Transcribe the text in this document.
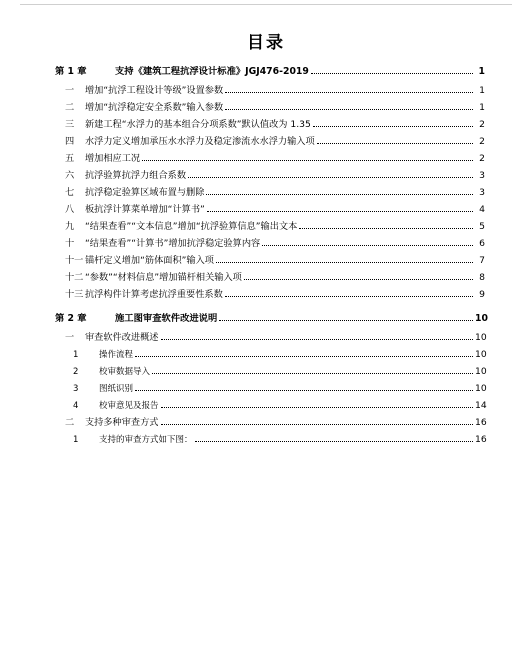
目录
第 1 章	支持《建筑工程抗浮设计标准》JGJ476-2019	1
一	增加“抗浮工程设计等级”设置参数	1
二	增加“抗浮稳定安全系数”输入参数	1
三	新建工程“水浮力的基本组合分项系数”默认值改为 1.35	2
四	水浮力定义增加承压水水浮力及稳定渗流水水浮力输入项	2
五	增加相应工况	2
六	抗浮验算抗浮力组合系数	3
七	抗浮稳定验算区域布置与删除	3
八	板抗浮计算菜单增加“计算书”	4
九	“结果查看”“文本信息”增加“抗浮验算信息”输出文本	5
十	“结果查看”“计算书”增加抗浮稳定验算内容	6
十一 锚杆定义增加“筋体面积”输入项	7
十二 “参数”“材料信息”增加锚杆相关输入项	8
十三 抗浮构件计算考虑抗浮重要性系数	9
第 2 章	施工图审查软件改进说明	10
一	审查软件改进概述	10
1	操作流程	10
2	校审数据导入	10
3	图纸识别	10
4	校审意见及报告	14
二	支持多种审查方式	16
1	支持的审查方式如下图：	16
